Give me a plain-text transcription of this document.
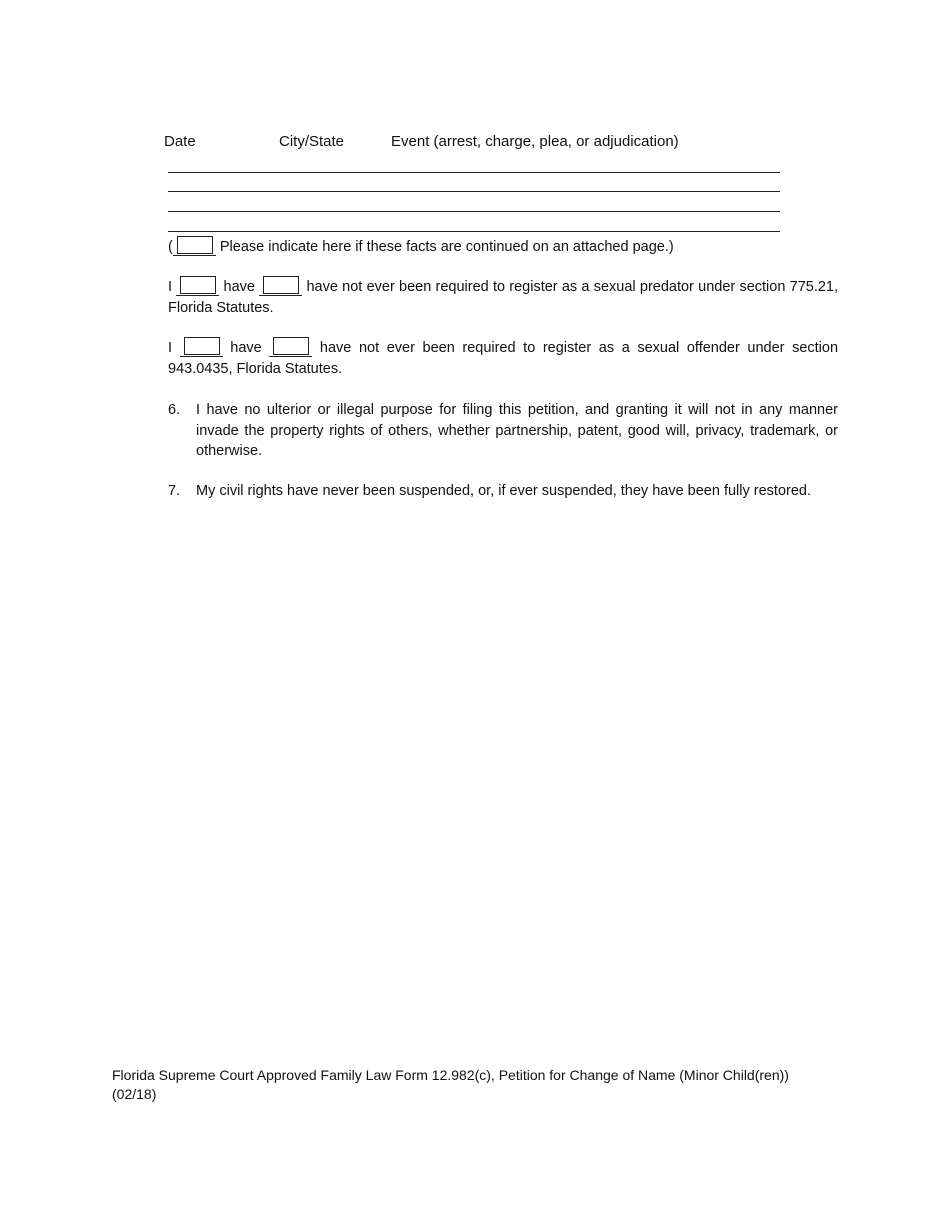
Date	City/State	Event (arrest, charge, plea, or adjudication)
(	Please indicate here if these facts are continued on an attached page.)
I	have	have not ever been required to register as a sexual predator under section 775.21, Florida Statutes.
I	have	have not ever been required to register as a sexual offender under section 943.0435, Florida Statutes.
6. I have no ulterior or illegal purpose for filing this petition, and granting it will not in any manner invade the property rights of others, whether partnership, patent, good will, privacy, trademark, or otherwise.
7. My civil rights have never been suspended, or, if ever suspended, they have been fully restored.
Florida Supreme Court Approved Family Law Form 12.982(c), Petition for Change of Name (Minor Child(ren))
(02/18)
